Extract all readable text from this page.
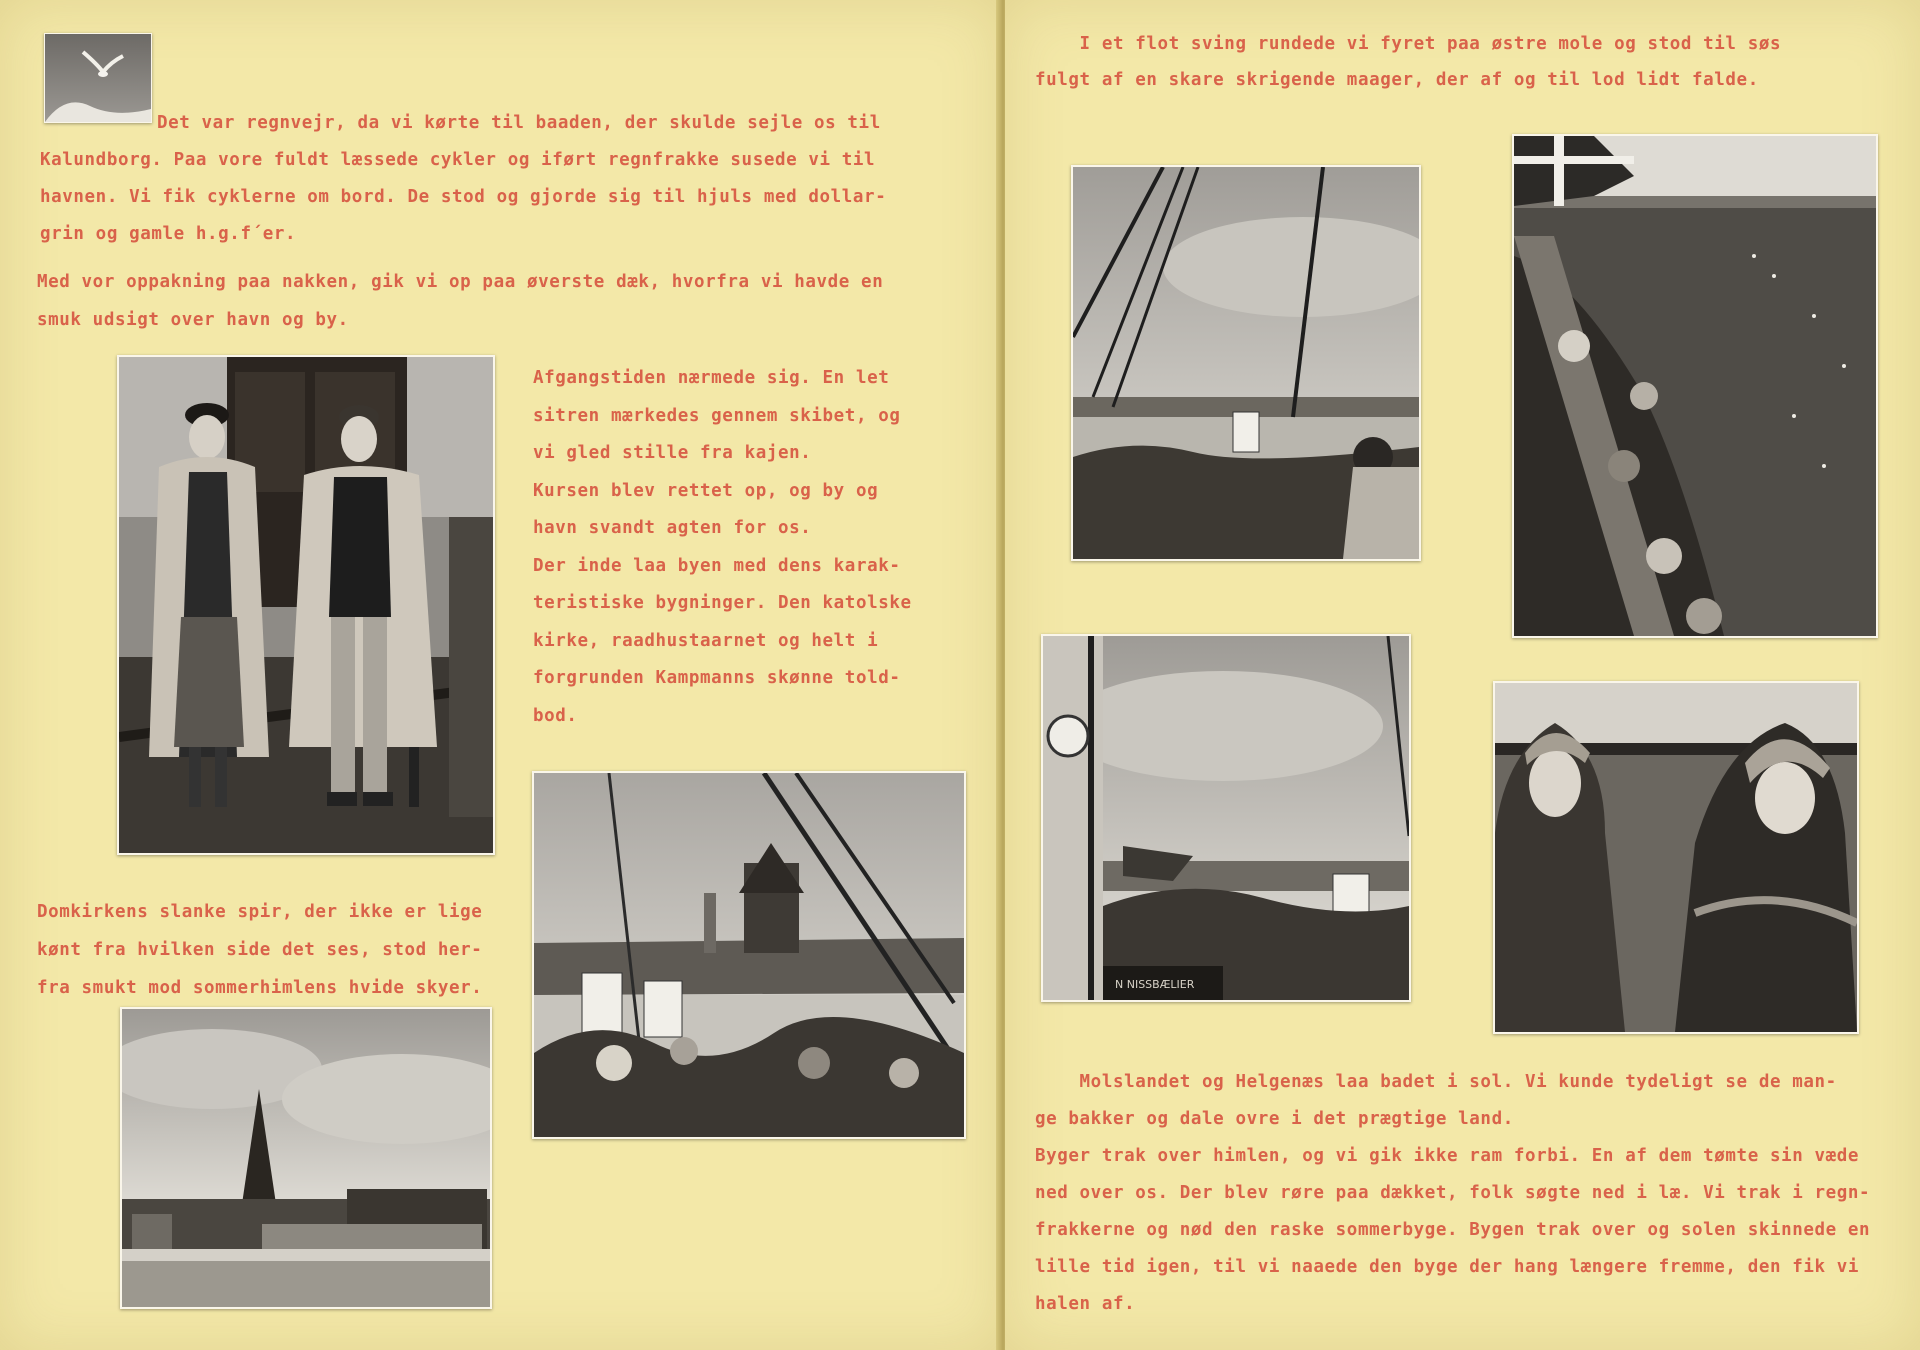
Det var regnvejr, da vi kørte til baaden, der skulde sejle os til
Kalundborg. Paa vore fuldt læssede cykler og iført regnfrakke susede vi til
havnen. Vi fik cyklerne om bord. De stod og gjorde sig til hjuls med dollar-
grin og gamle h.g.f´er.
Med vor oppakning paa nakken, gik vi op paa øverste dæk, hvorfra vi havde en
smuk udsigt over havn og by.
Afgangstiden nærmede sig. En let
sitren mærkedes gennem skibet, og
vi gled stille fra kajen.
Kursen blev rettet op, og by og
havn svandt agten for os.
Der inde laa byen med dens karak-
teristiske bygninger. Den katolske
kirke, raadhustaarnet og helt i
forgrunden Kampmanns skønne told-
bod.
Domkirkens slanke spir, der ikke er lige
kønt fra hvilken side det ses, stod her-
fra smukt mod sommerhimlens hvide skyer.
I et flot sving rundede vi fyret paa østre mole og stod til søs
fulgt af en skare skrigende maager, der af og til lod lidt falde.
Molslandet og Helgenæs laa badet i sol. Vi kunde tydeligt se de man-
ge bakker og dale ovre i det prægtige land.
Byger trak over himlen, og vi gik ikke ram forbi. En af dem tømte sin væde
ned over os. Der blev røre paa dækket, folk søgte ned i læ. Vi trak i regn-
frakkerne og nød den raske sommerbyge. Bygen trak over og solen skinnede en
lille tid igen, til vi naaede den byge der hang længere fremme, den fik vi
halen af.
N NISSBÆLIER
